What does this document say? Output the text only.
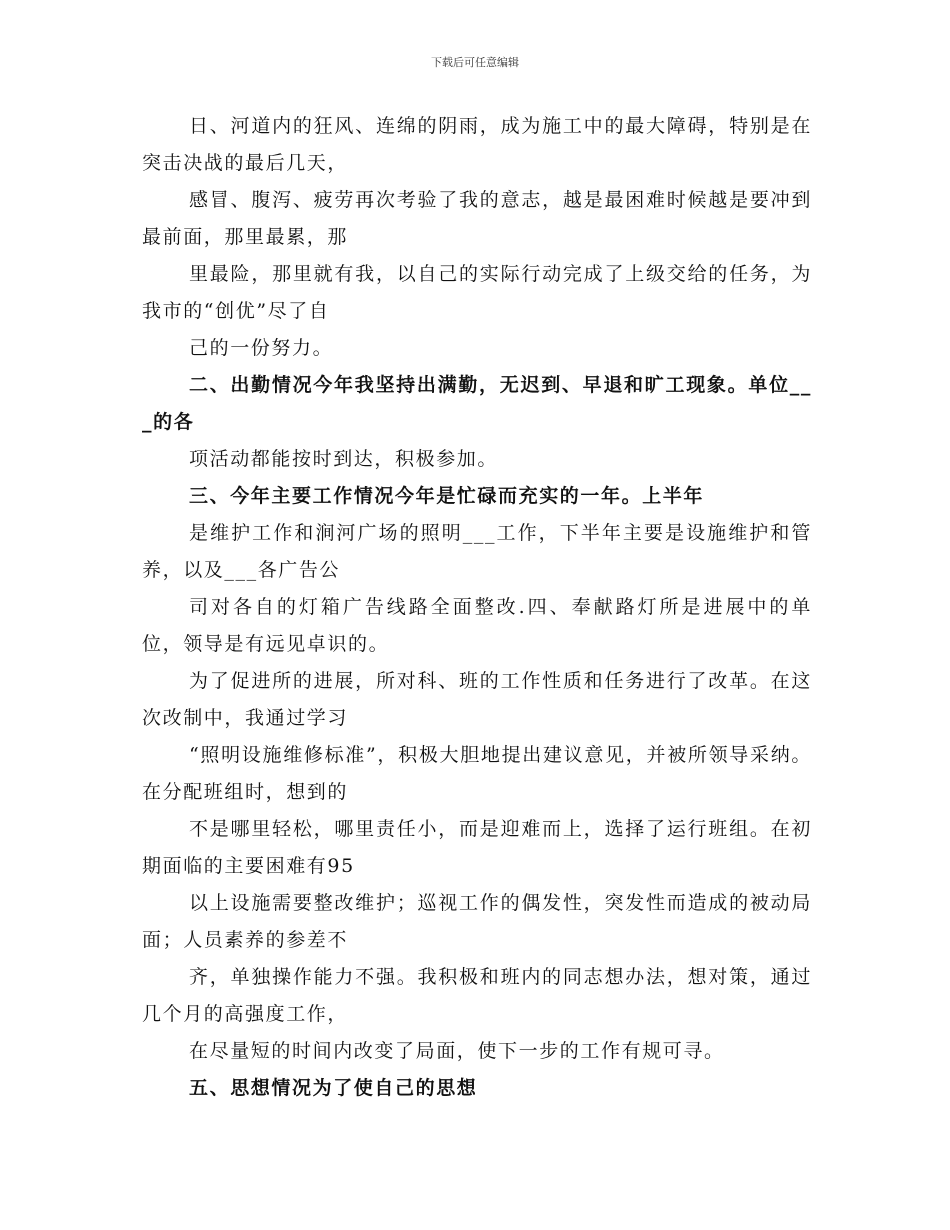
下载后可任意编辑

日、河道内的狂风、连绵的阴雨，成为施工中的最大障碍，特别是在突击决战的最后几天，

感冒、腹泻、疲劳再次考验了我的意志，越是最困难时候越是要冲到最前面，那里最累，那

里最险，那里就有我，以自己的实际行动完成了上级交给的任务，为我市的“创优”尽了自

己的一份努力。

二、出勤情况今年我坚持出满勤，无迟到、早退和旷工现象。单位___的各

项活动都能按时到达，积极参加。

三、今年主要工作情况今年是忙碌而充实的一年。上半年

是维护工作和涧河广场的照明___工作，下半年主要是设施维护和管养，以及___各广告公

司对各自的灯箱广告线路全面整改.四、奉献路灯所是进展中的单位，领导是有远见卓识的。

为了促进所的进展，所对科、班的工作性质和任务进行了改革。在这次改制中，我通过学习

“照明设施维修标准”，积极大胆地提出建议意见，并被所领导采纳。在分配班组时，想到的

不是哪里轻松，哪里责任小，而是迎难而上，选择了运行班组。在初期面临的主要困难有95

以上设施需要整改维护；巡视工作的偶发性，突发性而造成的被动局面；人员素养的参差不

齐，单独操作能力不强。我积极和班内的同志想办法，想对策，通过几个月的高强度工作，

在尽量短的时间内改变了局面，使下一步的工作有规可寻。

五、思想情况为了使自己的思想
